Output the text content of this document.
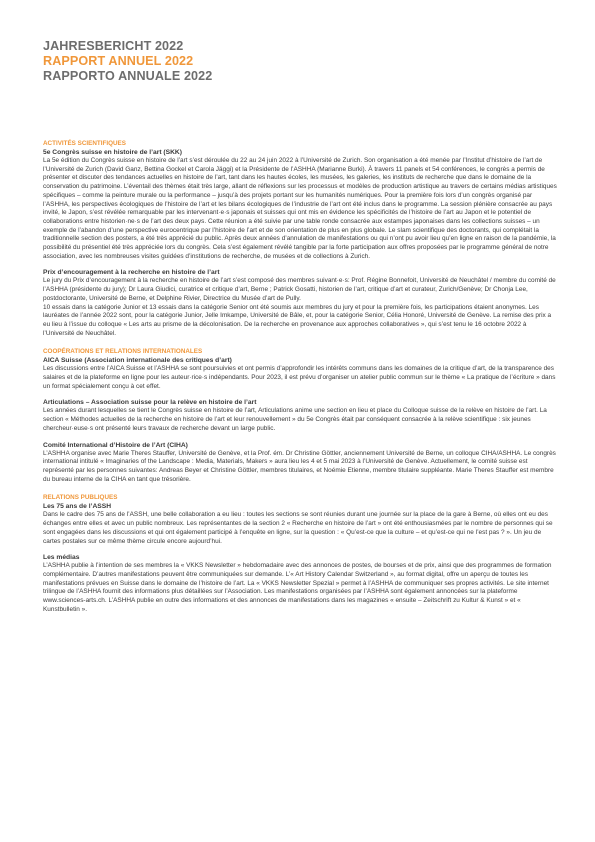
JAHRESBERICHT 2022
RAPPORT ANNUEL 2022
RAPPORTO ANNUALE 2022
ACTIVITÉS SCIENTIFIQUES
5e Congrès suisse en histoire de l’art (SKK)

La 5e édition du Congrès suisse en histoire de l’art s’est déroulée du 22 au 24 juin 2022 à l’Université de Zurich. Son organisation a été menée par l’Institut d’histoire de l’art de l’Université de Zurich (David Ganz, Bettina Gockel et Carola Jäggi) et la Présidente de l’ASHHA (Marianne Burki). À travers 11 panels et 54 conférences, le congrès a permis de présenter et discuter des tendances actuelles en histoire de l’art, tant dans les hautes écoles, les musées, les galeries, les instituts de recherche que dans le domaine de la conservation du patrimoine. L’éventail des thèmes était très large, allant de réflexions sur les processus et modèles de production artistique au travers de certains médias artistiques spécifiques – comme la peinture murale ou la performance – jusqu’à des projets portant sur les humanités numériques. Pour la première fois lors d’un congrès organisé par l’ASHHA, les perspectives écologiques de l’histoire de l’art et les bilans écologiques de l’industrie de l’art ont été inclus dans le programme. La session plénière consacrée au pays invité, le Japon, s’est révélée remarquable par les intervenant·e·s japonais et suisses qui ont mis en évidence les spécificités de l’histoire de l’art au Japon et le potentiel de collaborations entre historien·ne·s de l’art des deux pays. Cette réunion a été suivie par une table ronde consacrée aux estampes japonaises dans les collections suisses – un exemple de l’abandon d’une perspective eurocentrique par l’histoire de l’art et de son orientation de plus en plus globale. Le slam scientifique des doctorants, qui complétait la traditionnelle section des posters, a été très apprécié du public. Après deux années d’annulation de manifestations ou qui n’ont pu avoir lieu qu’en ligne en raison de la pandémie, la possibilité du présentiel été très appréciée lors du congrès. Cela s’est également révélé tangible par la forte participation aux offres proposées par le programme général de notre association, avec les nombreuses visites guidées d’institutions de recherche, de musées et de collections à Zurich.

Prix d’encouragement à la recherche en histoire de l’art

Le jury du Prix d’encouragement à la recherche en histoire de l’art s’est composé des membres suivant·e·s: Prof. Régine Bonnefoit, Université de Neuchâtel / membre du comité de l’ASHHA (présidente du jury); Dr Laura Giudici, curatrice et critique d’art, Berne ; Patrick Gosatti, historien de l’art, critique d’art et curateur, Zurich/Genève; Dr Chonja Lee, postdoctorante, Université de Berne, et Delphine Rivier, Directrice du Musée d’art de Pully.

10 essais dans la catégorie Junior et 13 essais dans la catégorie Senior ont été soumis aux membres du jury et pour la première fois, les participations étaient anonymes. Les lauréates de l’année 2022 sont, pour la catégorie Junior, Jelle Imkampe, Université de Bâle, et, pour la catégorie Senior, Célia Honoré, Université de Genève. La remise des prix a eu lieu à l’issue du colloque « Les arts au prisme de la décolonisation. De la recherche en provenance aux approches collaboratives », qui s’est tenu le 16 octobre 2022 à l’Université de Neuchâtel.

COOPÉRATIONS ET RELATIONS INTERNATIONALES
AICA Suisse (Association internationale des critiques d’art)

Les discussions entre l’AICA Suisse et l’ASHHA se sont poursuivies et ont permis d’approfondir les intérêts communs dans les domaines de la critique d’art, de la transparence des salaires et de la plateforme en ligne pour les auteur·rice·s indépendants. Pour 2023, il est prévu d’organiser un atelier public commun sur le thème « La pratique de l’écriture » dans un format spécialement conçu à cet effet.

Articulations – Association suisse pour la relève en histoire de l’art

Les années durant lesquelles se tient le Congrès suisse en histoire de l’art, Articulations anime une section en lieu et place du Colloque suisse de la relève en histoire de l’art. La section « Méthodes actuelles de la recherche en histoire de l’art et leur renouvellement » du 5e Congrès était par conséquent consacrée à la relève scientifique : six jeunes chercheur·euse·s ont présenté leurs travaux de recherche devant un large public.

Comité International d’Histoire de l’Art (CIHA)

L’ASHHA organise avec Marie Theres Stauffer, Université de Genève, et la Prof. ém. Dr Christine Göttler, anciennement Université de Berne, un colloque CIHA/ASHHA. Le congrès international intitulé « Imaginaries of the Landscape : Media, Materials, Makers » aura lieu les 4 et 5 mai 2023 à l’Université de Genève. Actuellement, le comité suisse est représenté par les personnes suivantes: Andreas Beyer et Christine Göttler, membres titulaires, et Noémie Etienne, membre titulaire suppléante. Marie Theres Stauffer est membre du bureau interne de la CIHA en tant que trésorière.

RELATIONS PUBLIQUES
Les 75 ans de l’ASSH

Dans le cadre des 75 ans de l’ASSH, une belle collaboration a eu lieu : toutes les sections se sont réunies durant une journée sur la place de la gare à Berne, où elles ont eu des échanges entre elles et avec un public nombreux. Les représentantes de la section 2 « Recherche en histoire de l’art » ont été enthousiasmées par le nombre de personnes qui se sont engagées dans les discussions et qui ont également participé à l’enquête en ligne, sur la question : « Qu’est-ce que la culture – et qu’est-ce qui ne l’est pas ? ». Un jeu de cartes postales sur ce même thème circule encore aujourd’hui.

Les médias

L’ASHHA publie à l’intention de ses membres la « VKKS Newsletter » hebdomadaire avec des annonces de postes, de bourses et de prix, ainsi que des programmes de formation complémentaire. D’autres manifestations peuvent être communiquées sur demande. L’« Art History Calendar Switzerland », au format digital, offre un aperçu de toutes les manifestations prévues en Suisse dans le domaine de l’histoire de l’art. La « VKKS Newsletter Spezial » permet à l’ASHHA de communiquer ses propres activités. Le site internet trilingue de l’ASHHA fournit des informations plus détaillées sur l’Association. Les manifestations organisées par l’ASHHA sont également annoncées sur la plateforme www.sciences-arts.ch. L’ASHHA publie en outre des informations et des annonces de manifestations dans les magazines « ensuite – Zeitschrift zu Kultur & Kunst » et « Kunstbulletin ».
